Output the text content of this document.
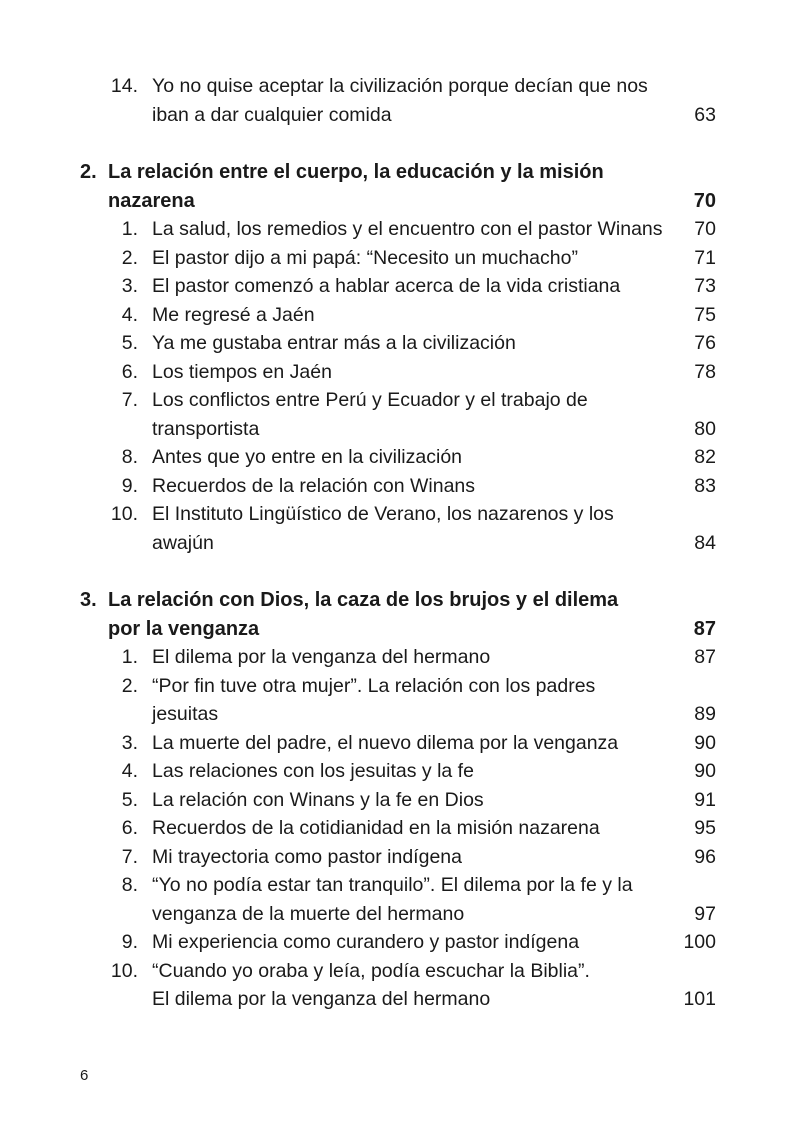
14. Yo no quise aceptar la civilización porque decían que nos
iban a dar cualquier comida	63
2. La relación entre el cuerpo, la educación y la misión
nazarena	70
1. La salud, los remedios y el encuentro con el pastor Winans	70
2. El pastor dijo a mi papá: “Necesito un muchacho”	71
3. El pastor comenzó a hablar acerca de la vida cristiana	73
4. Me regresé a Jaén	75
5. Ya me gustaba entrar más a la civilización	76
6. Los tiempos en Jaén	78
7. Los conflictos entre Perú y Ecuador y el trabajo de
transportista	80
8. Antes que yo entre en la civilización	82
9. Recuerdos de la relación con Winans	83
10. El Instituto Lingüístico de Verano, los nazarenos y los
awajún	84
3. La relación con Dios, la caza de los brujos y el dilema
por la venganza	87
1. El dilema por la venganza del hermano	87
2. “Por fin tuve otra mujer”. La relación con los padres
jesuitas	89
3. La muerte del padre, el nuevo dilema por la venganza	90
4. Las relaciones con los jesuitas y la fe	90
5. La relación con Winans y la fe en Dios	91
6. Recuerdos de la cotidianidad en la misión nazarena	95
7. Mi trayectoria como pastor indígena	96
8. “Yo no podía estar tan tranquilo”. El dilema por la fe y la
venganza de la muerte del hermano	97
9. Mi experiencia como curandero y pastor indígena	100
10. “Cuando yo oraba y leía, podía escuchar la Biblia”.
El dilema por la venganza del hermano	101
6
